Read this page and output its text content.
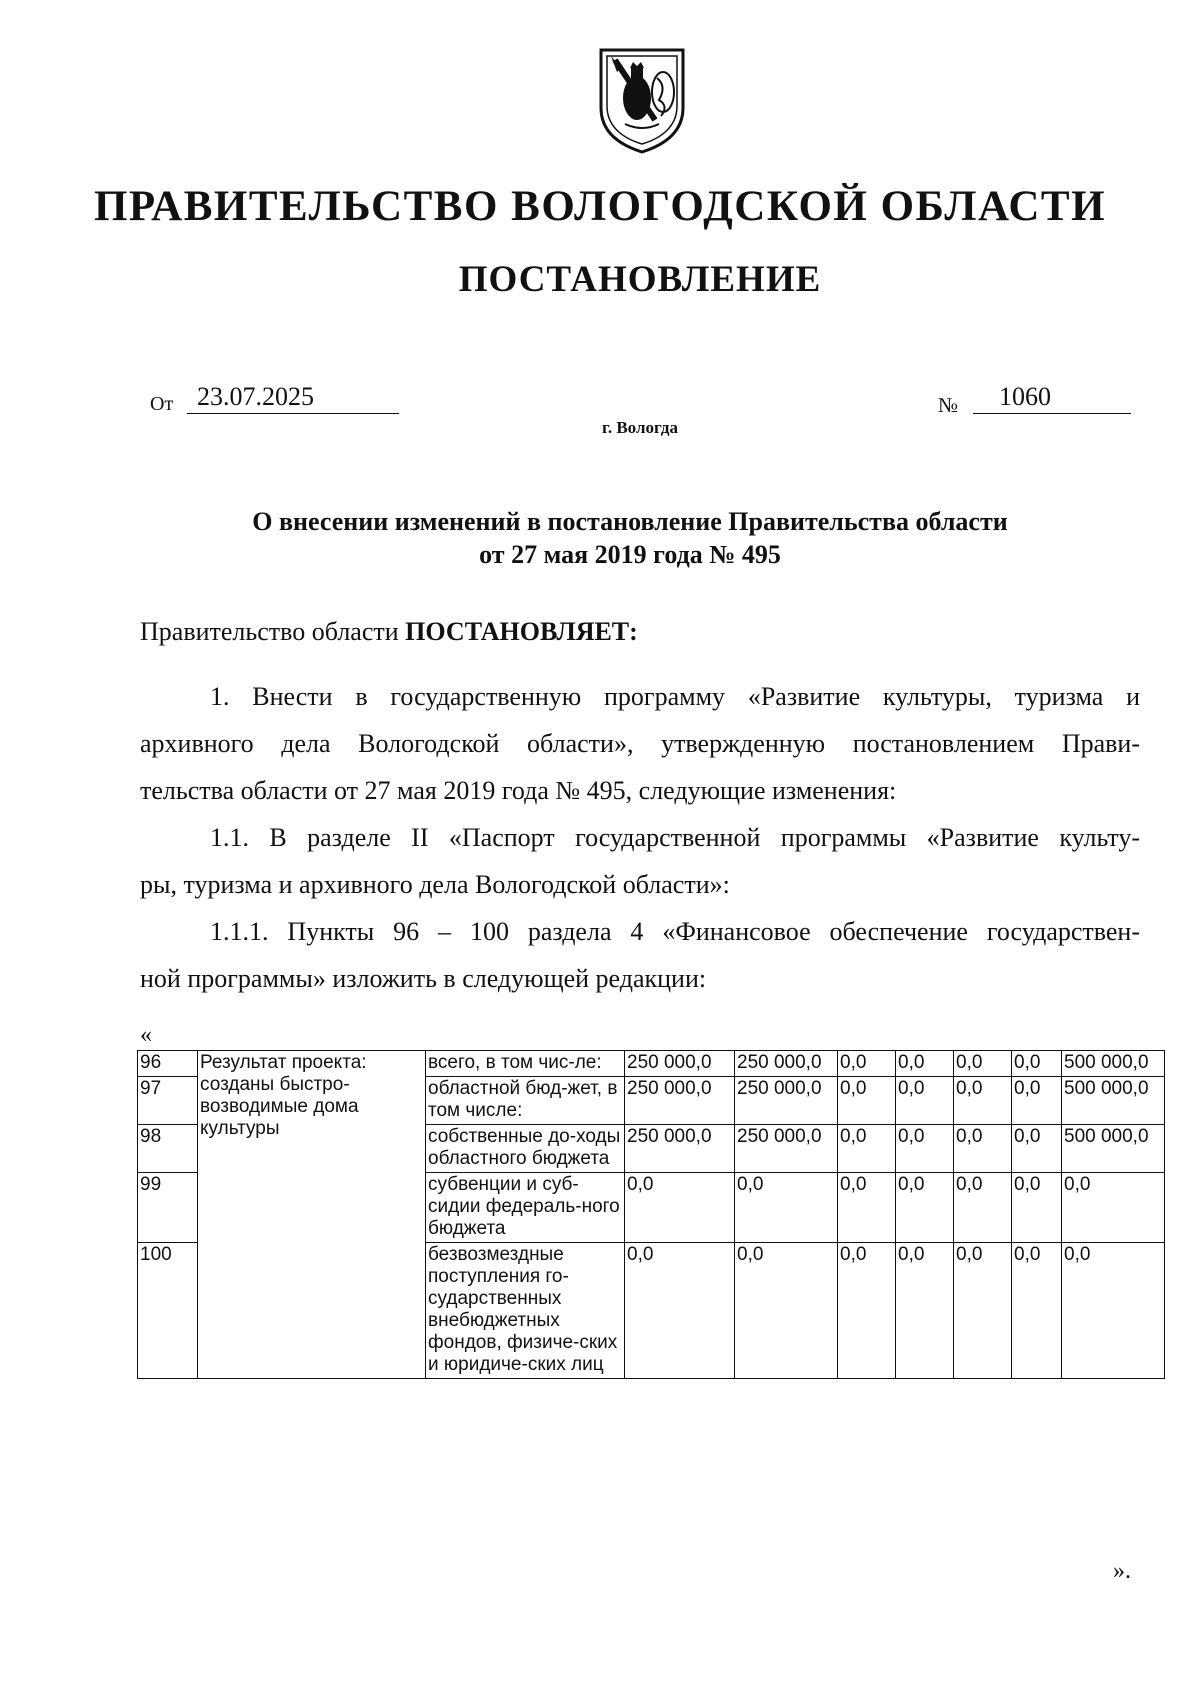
ПРАВИТЕЛЬСТВО ВОЛОГОДСКОЙ ОБЛАСТИ
ПОСТАНОВЛЕНИЕ
От 23.07.2025	№	1060
г. Вологда
О внесении изменений в постановление Правительства области
от 27 мая 2019 года № 495
Правительство области ПОСТАНОВЛЯЕТ:
1. Внести в государственную программу «Развитие культуры, туризма и
архивного дела Вологодской области», утвержденную постановлением Прави-
тельства области от 27 мая 2019 года № 495, следующие изменения:
1.1. В разделе II «Паспорт государственной программы «Развитие культу-
ры, туризма и архивного дела Вологодской области»:
1.1.1. Пункты 96 – 100 раздела 4 «Финансовое обеспечение государствен-
ной программы» изложить в следующей редакции:
«
96	Результат проекта: созданы быстро-возводимые дома культуры	всего, в том чис-ле:	250 000,0	250 000,0	0,0	0,0	0,0	0,0	500 000,0
97		областной бюд-жет, в том числе:	250 000,0	250 000,0	0,0	0,0	0,0	0,0	500 000,0
98		собственные до-ходы областного бюджета	250 000,0	250 000,0	0,0	0,0	0,0	0,0	500 000,0
99		субвенции и суб-сидии федераль-ного бюджета	0,0	0,0	0,0	0,0	0,0	0,0	0,0
100		безвозмездные поступления го-сударственных внебюджетных фондов, физиче-ских и юридиче-ских лиц	0,0	0,0	0,0	0,0	0,0	0,0	0,0
».
